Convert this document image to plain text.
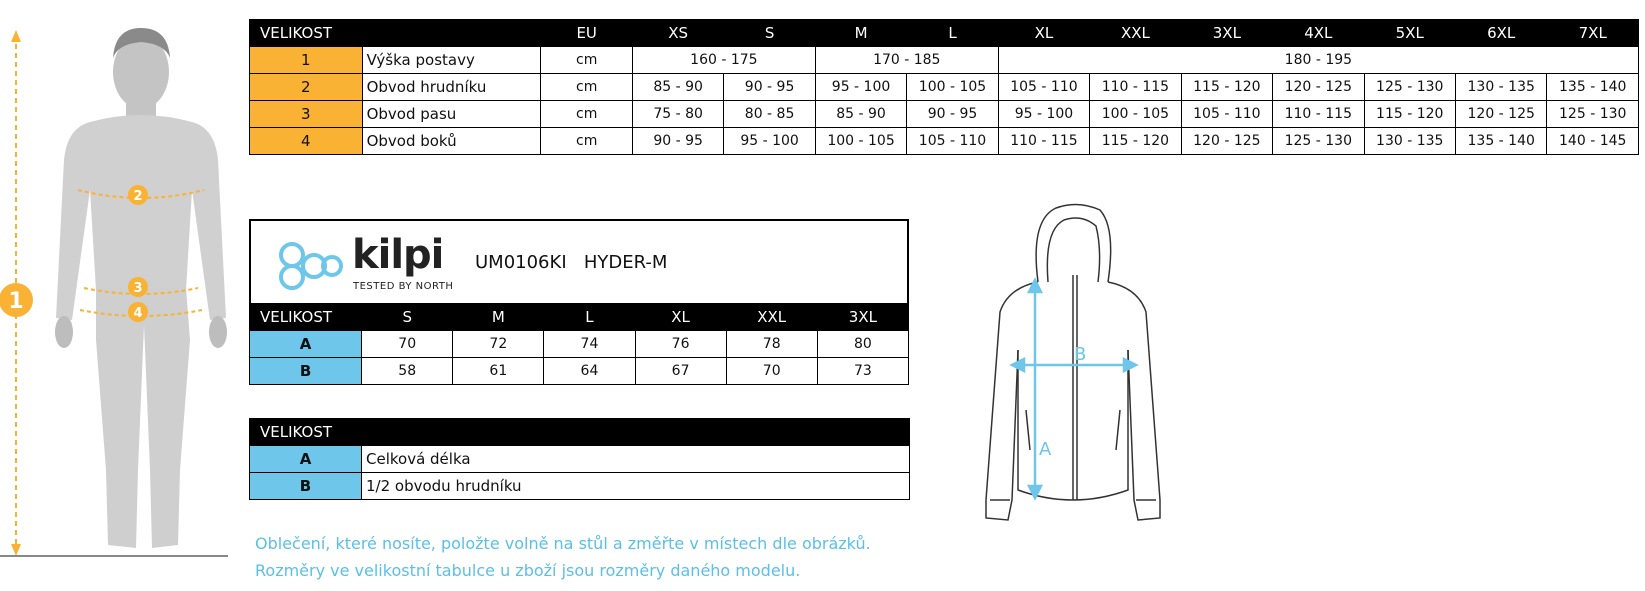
1
2
3
4
VELIKOST		EU	XS	S	M	L	XL	XXL	3XL	4XL	5XL	6XL	7XL
1	Výška postavy	cm	160 - 175		170 - 185		180 - 195						
2	Obvod hrudníku	cm	85 - 90	90 - 95	95 - 100	100 - 105	105 - 110	110 - 115	115 - 120	120 - 125	125 - 130	130 - 135	135 - 140
3	Obvod pasu	cm	75 - 80	80 - 85	85 - 90	90 - 95	95 - 100	100 - 105	105 - 110	110 - 115	115 - 120	120 - 125	125 - 130
4	Obvod boků	cm	90 - 95	95 - 100	100 - 105	105 - 110	110 - 115	115 - 120	120 - 125	125 - 130	130 - 135	135 - 140	140 - 145
kilpi
TESTED BY NORTH
UM0106KI HYDER-M
VELIKOST	S	M	L	XL	XXL	3XL
A	70	72	74	76	78	80
B	58	61	64	67	70	73
VELIKOST	
A	Celková délka
B	1/2 obvodu hrudníku
Oblečení, které nosíte, položte volně na stůl a změřte v místech dle obrázků.
Rozměry ve velikostní tabulce u zboží jsou rozměry daného modelu.
A
B
